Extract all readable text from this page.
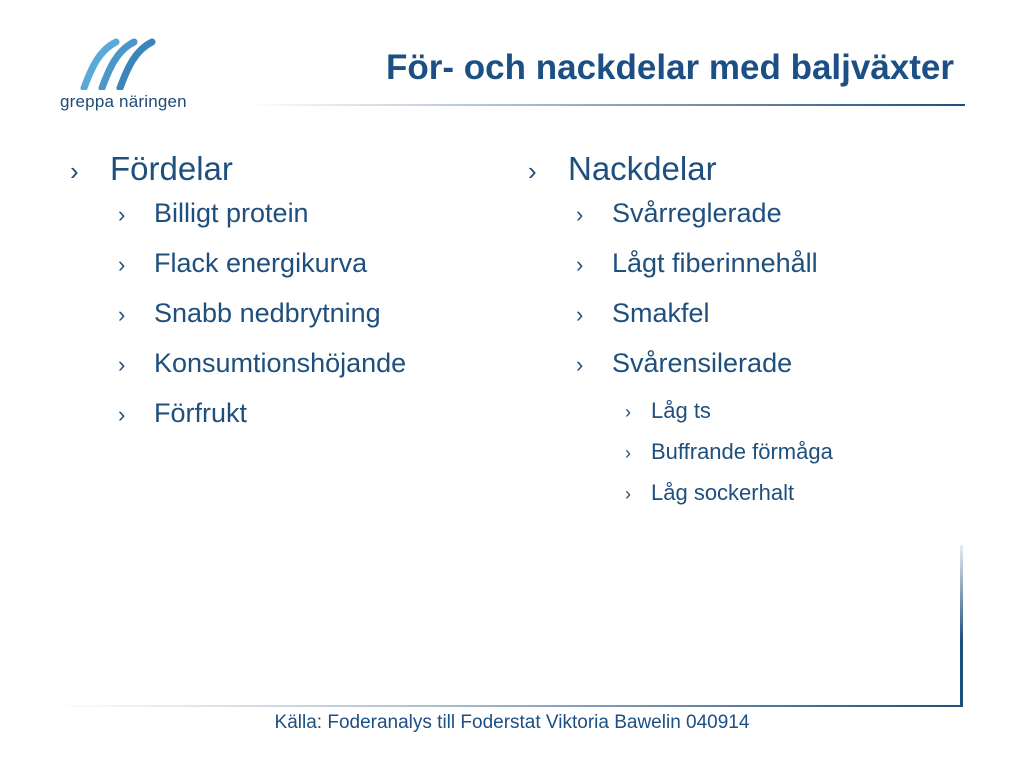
greppa näringen
För- och nackdelar med baljväxter
› Fördelar
›	Billigt protein
›	Flack energikurva
›	Snabb nedbrytning
›	Konsumtionshöjande
›	Förfrukt
› Nackdelar
›	Svårreglerade
›	Lågt fiberinnehåll
›	Smakfel
›	Svårensilerade
› Låg ts
› Buffrande förmåga
› Låg sockerhalt
Källa: Foderanalys till Foderstat Viktoria Bawelin 040914
